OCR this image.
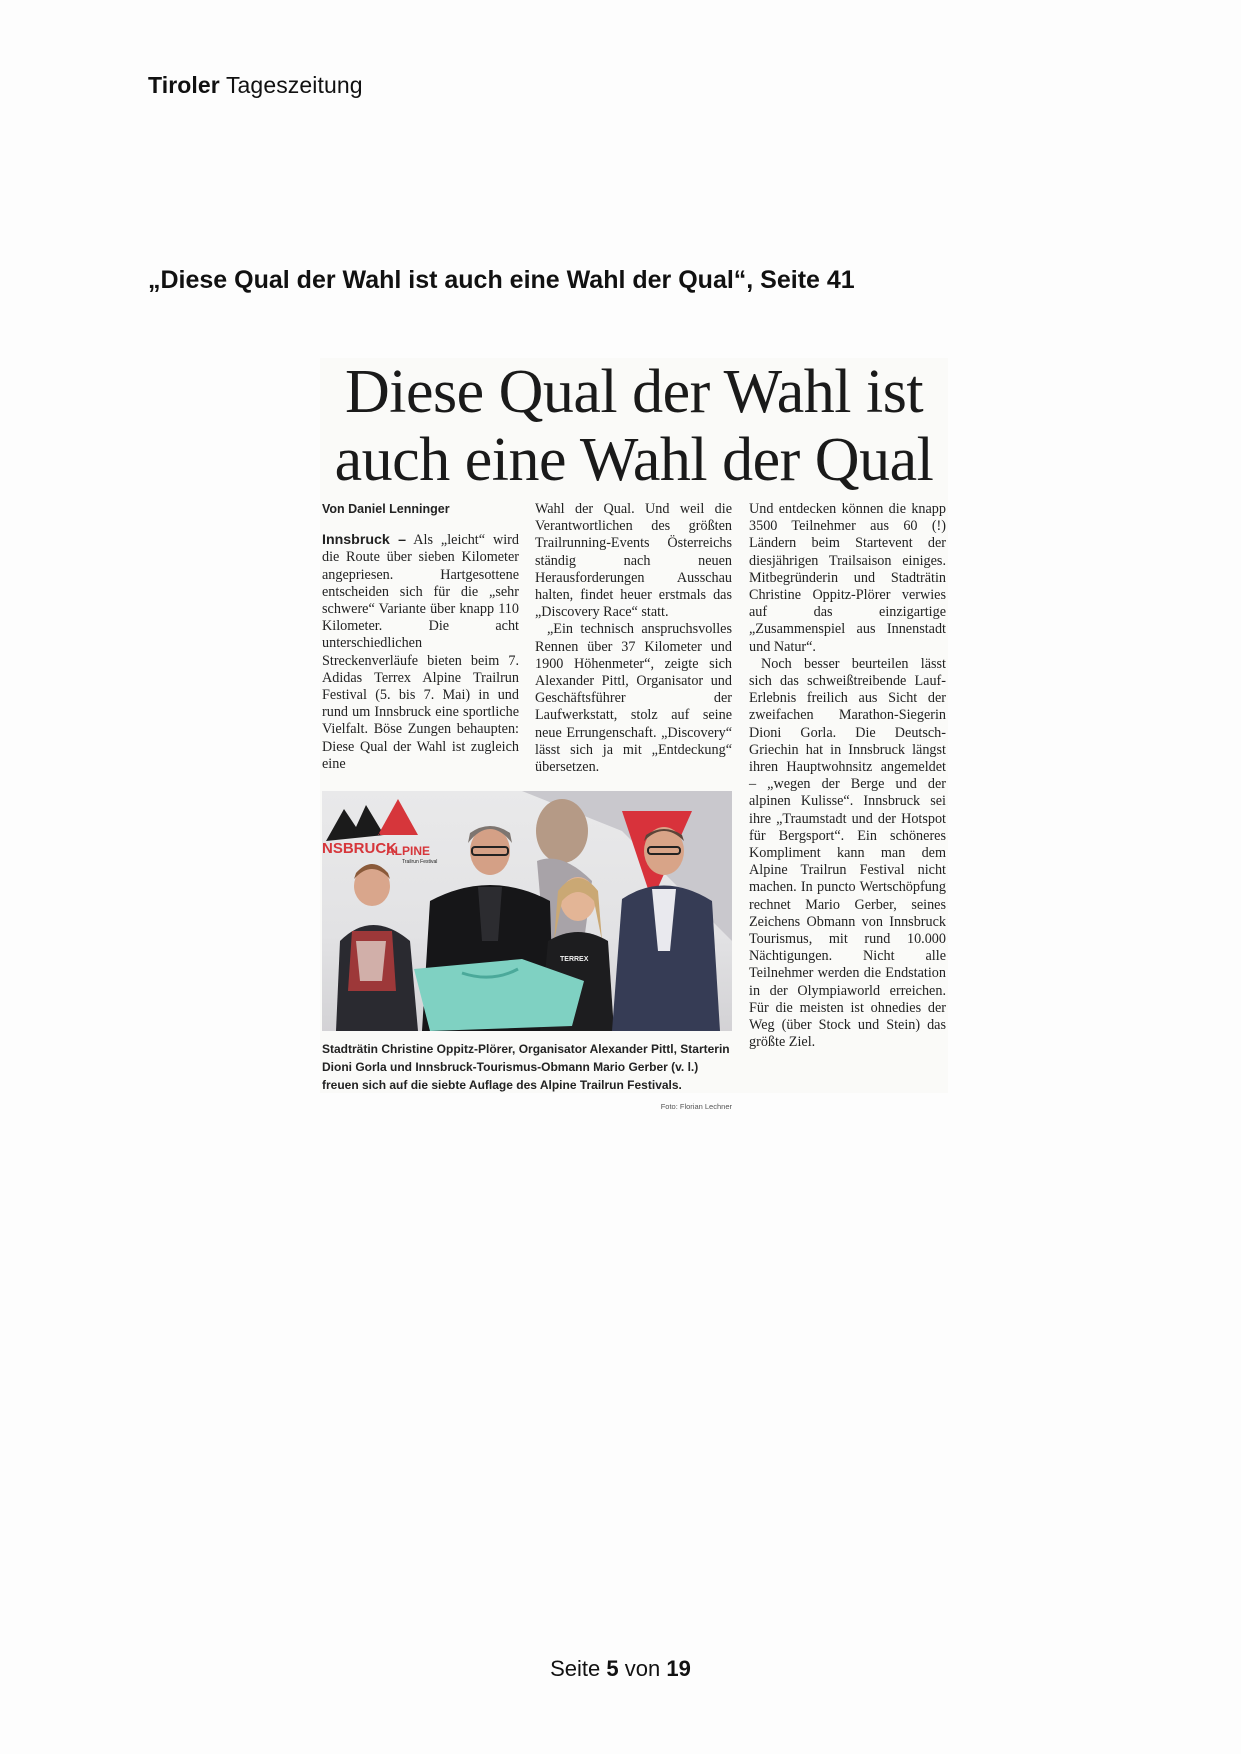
Tiroler Tageszeitung
„Diese Qual der Wahl ist auch eine Wahl der Qual“, Seite 41
Diese Qual der Wahl ist
auch eine Wahl der Qual

Von Daniel Lenninger

Innsbruck – Als „leicht“ wird die Route über sieben Kilometer angepriesen. Hartgesottene entscheiden sich für die „sehr schwere“ Variante über knapp 110 Kilometer. Die acht unterschiedlichen Streckenverläufe bieten beim 7. Adidas Terrex Alpine Trailrun Festival (5. bis 7. Mai) in und rund um Innsbruck eine sportliche Vielfalt. Böse Zungen behaupten: Diese Qual der Wahl ist zugleich eine

Wahl der Qual. Und weil die Verantwortlichen des größten Trailrunning-Events Österreichs ständig nach neuen Herausforderungen Ausschau halten, findet heuer erstmals das „Discovery Race“ statt.

„Ein technisch anspruchsvolles Rennen über 37 Kilometer und 1900 Höhenmeter“, zeigte sich Alexander Pittl, Organisator und Geschäftsführer der Laufwerkstatt, stolz auf seine neue Errungenschaft. „Discovery“ lässt sich ja mit „Entdeckung“ übersetzen.

Und entdecken können die knapp 3500 Teilnehmer aus 60 (!) Ländern beim Startevent der diesjährigen Trailsaison einiges. Mitbegründerin und Stadträtin Christine Oppitz-Plörer verwies auf das einzigartige „Zusammenspiel aus Innenstadt und Natur“.

Noch besser beurteilen lässt sich das schweißtreibende Lauf-Erlebnis freilich aus Sicht der zweifachen Marathon-Siegerin Dioni Gorla. Die Deutsch-Griechin hat in Innsbruck längst ihren Hauptwohnsitz angemeldet – „wegen der Berge und der alpinen Kulisse“. Innsbruck sei ihre „Traumstadt und der Hotspot für Bergsport“. Ein schöneres Kompliment kann man dem Alpine Trailrun Festival nicht machen. In puncto Wertschöpfung rechnet Mario Gerber, seines Zeichens Obmann von Innsbruck Tourismus, mit rund 10.000 Nächtigungen. Nicht alle Teilnehmer werden die Endstation in der Olympiaworld erreichen. Für die meisten ist ohnedies der Weg (über Stock und Stein) das größte Ziel.

TERREX
NSBRUCK
ALPINE
Trailrun Festival
TERREX
Stadträtin Christine Oppitz-Plörer, Organisator Alexander Pittl, Starterin Dioni Gorla und Innsbruck-Tourismus-Obmann Mario Gerber (v. l.) freuen sich auf die siebte Auflage des Alpine Trailrun Festivals.
Foto: Florian Lechner
Seite 5 von 19
